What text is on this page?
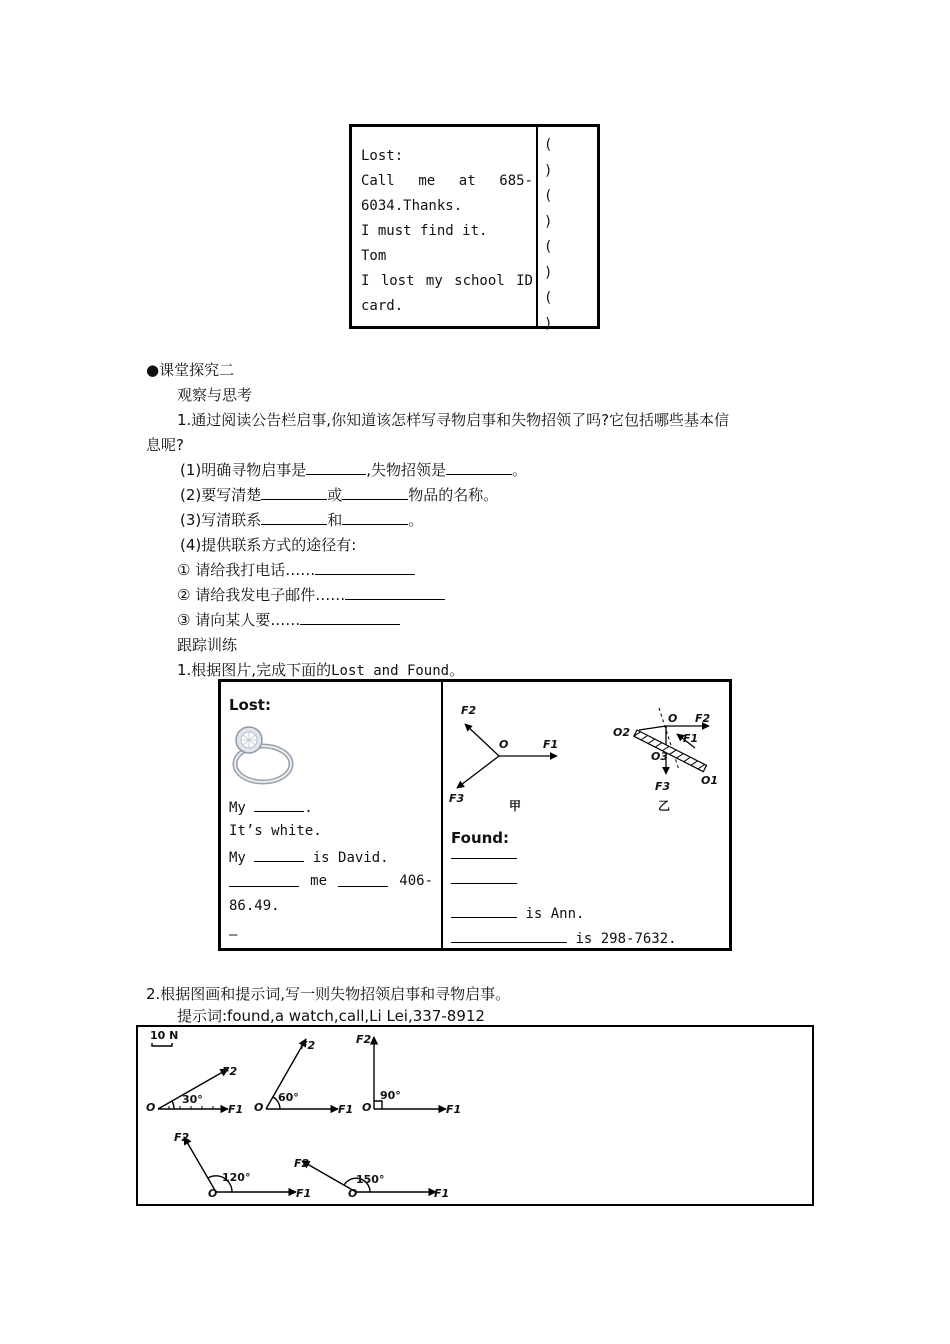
Lost:
Call me at 685-
6034.Thanks.
I must find it.
Tom
I lost my school ID
card.
(
)
(
)
(
)
(
)
●课堂探究二
观察与思考
1.通过阅读公告栏启事,你知道该怎样写寻物启事和失物招领了吗?它包括哪些基本信
息呢?
(1)明确寻物启事是	,失物招领是	。
(2)要写清楚	或	物品的名称。
(3)写清联系	和	。
(4)提供联系方式的途径有:
① 请给我打电话……
② 请给我发电子邮件……
③ 请向某人要……
跟踪训练
1.根据图片,完成下面的Lost and Found。
Lost:
My	.
It’s white.
My	is David.
me	406-
86.49.
—
F2
O	F1
F3
甲
O F2
O2	F1
O3
O1
F3
乙
Found:
is Ann.
is 298-7632.
2.根据图画和提示词,写一则失物招领启事和寻物启事。
提示词:found,a watch,call,Li Lei,337-8912
10 N
O
30°
F1
F2
O
60°
F1
F2
O
90°
F1
F2
O
120°
F1
F2
O
150°
F1
F2
